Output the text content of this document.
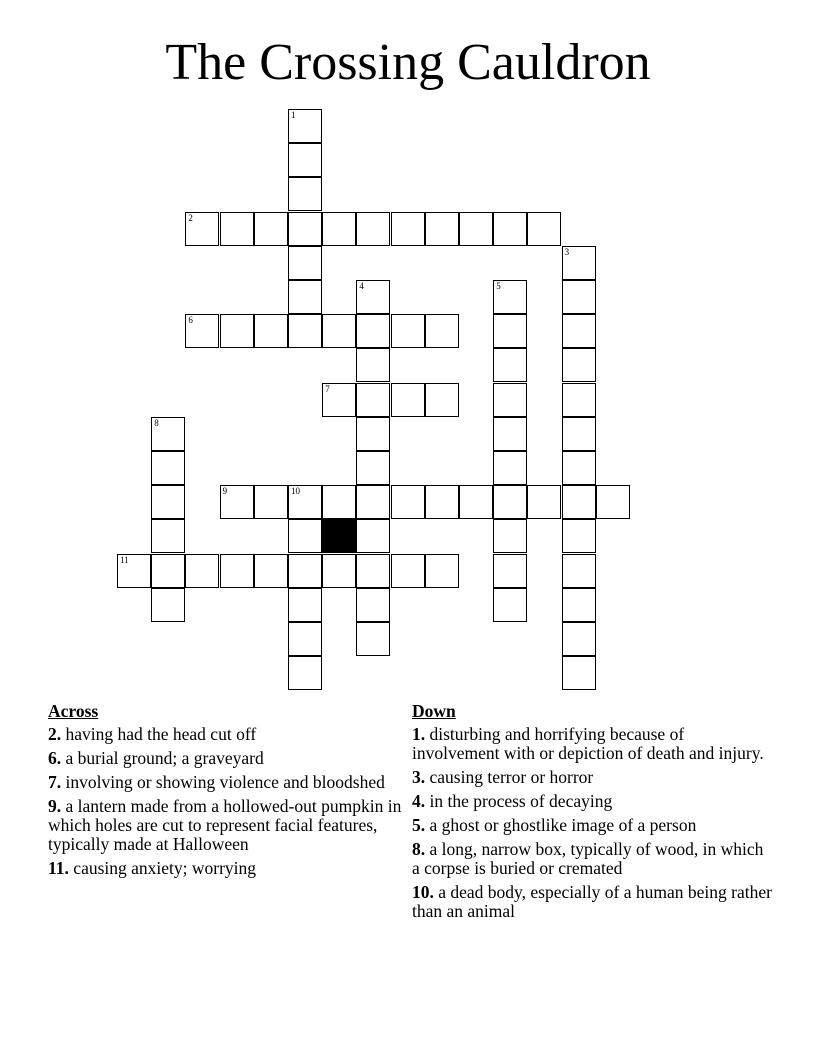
The Crossing Cauldron
1
2
3
4	5
6
7
8
9	10
11
Across
2. having had the head cut off
6. a burial ground; a graveyard
7. involving or showing violence and bloodshed
9. a lantern made from a hollowed-out pumpkin in which holes are cut to represent facial features, typically made at Halloween
11. causing anxiety; worrying
Down
1. disturbing and horrifying because of involvement with or depiction of death and injury.
3. causing terror or horror
4. in the process of decaying
5. a ghost or ghostlike image of a person
8. a long, narrow box, typically of wood, in which a corpse is buried or cremated
10. a dead body, especially of a human being rather than an animal
